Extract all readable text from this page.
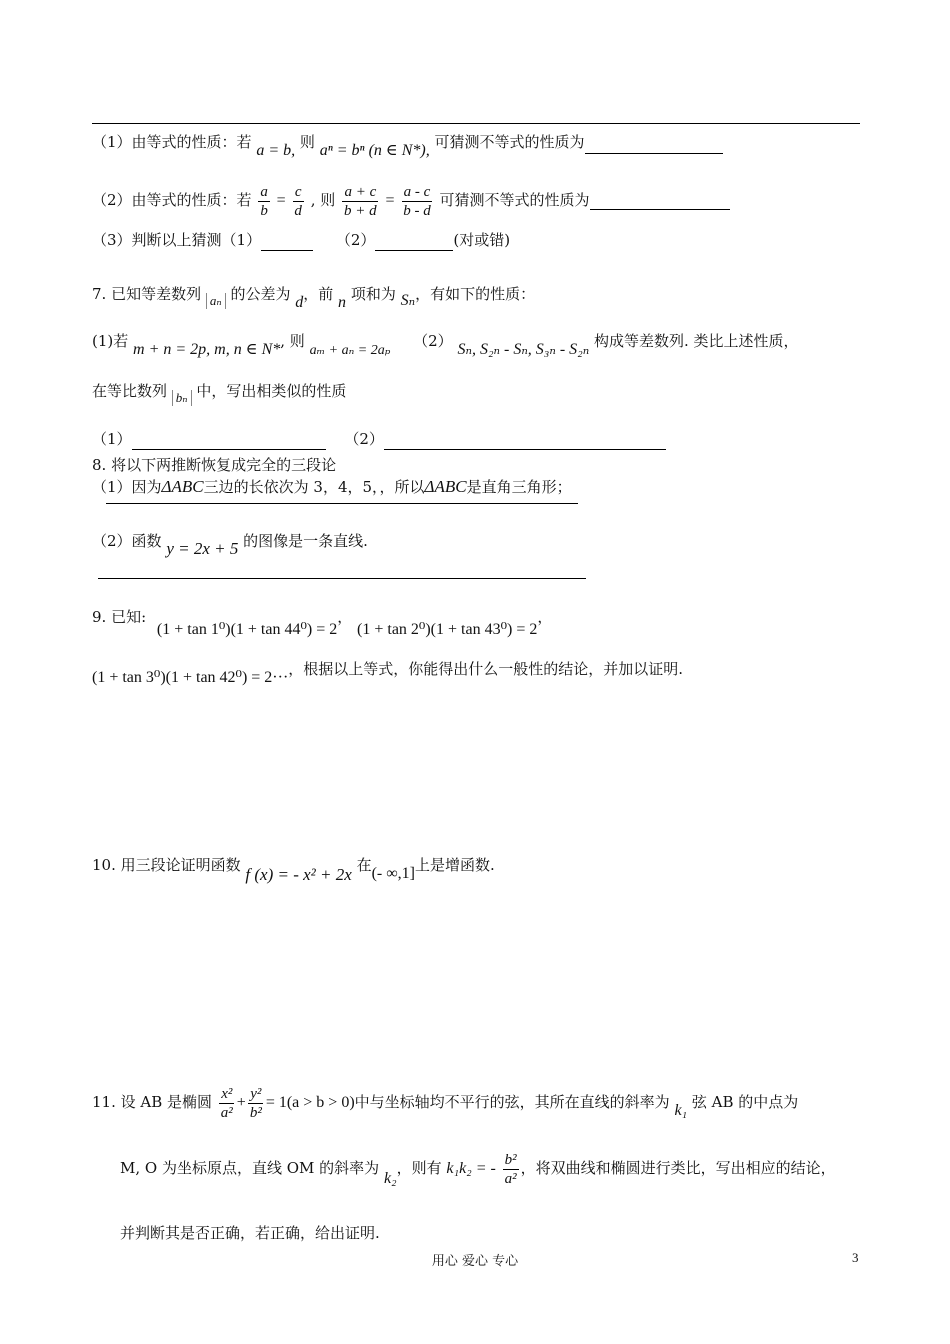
（1）由等式的性质：若 a = b, 则 aⁿ = bⁿ (n ∈ N*), 可猜测不等式的性质为
（2）由等式的性质：若 $\frac{a}{b} = \frac{c}{d}$ , 则 $\frac{a + c}{b + d} = \frac{a - c}{b - d}$ 可猜测不等式的性质为
（3）判断以上猜测（1）	（2）	(对或错)
7. 已知等差数列 aₙ 的公差为 d，前 n 项和为 Sₙ，有如下的性质：
(1)若 m + n = 2p, m, n ∈ N*, 则 aₘ + aₙ = 2aₚ （2） Sₙ, S₂ₙ - Sₙ, S₃ₙ - S₂ₙ 构成等差数列. 类比上述性质，
在等比数列 bₙ 中，写出相类似的性质
（1）	（2）
8. 将以下两推断恢复成完全的三段论
（1）因为ΔABC三边的长依次为 3，4，5，，所以ΔABC是直角三角形；
（2）函数 y = 2x + 5 的图像是一条直线.
9. 已知: (1 + tan 1⁰)(1 + tan 44⁰) = 2， (1 + tan 2⁰)(1 + tan 43⁰) = 2，
(1 + tan 3⁰)(1 + tan 42⁰) = 2···，根据以上等式，你能得出什么一般性的结论，并加以证明.
10. 用三段论证明函数 f (x) = - x² + 2x 在(- ∞,1]上是增函数.
11. 设 AB 是椭圆 $\frac{\text{x²}}{\text{a²}} + \frac{\text{y²}}{\text{b²}} = 1(a > b > 0)$中与坐标轴均不平行的弦，其所在直线的斜率为 k₁ 弦 AB 的中点为
M, O 为坐标原点，直线 OM 的斜率为 k₂，则有 k₁k₂ = - $\frac{\text{b²}}{\text{a²}}$ ，将双曲线和椭圆进行类比，写出相应的结论，
并判断其是否正确，若正确，给出证明.
用心 爱心 专心	3
